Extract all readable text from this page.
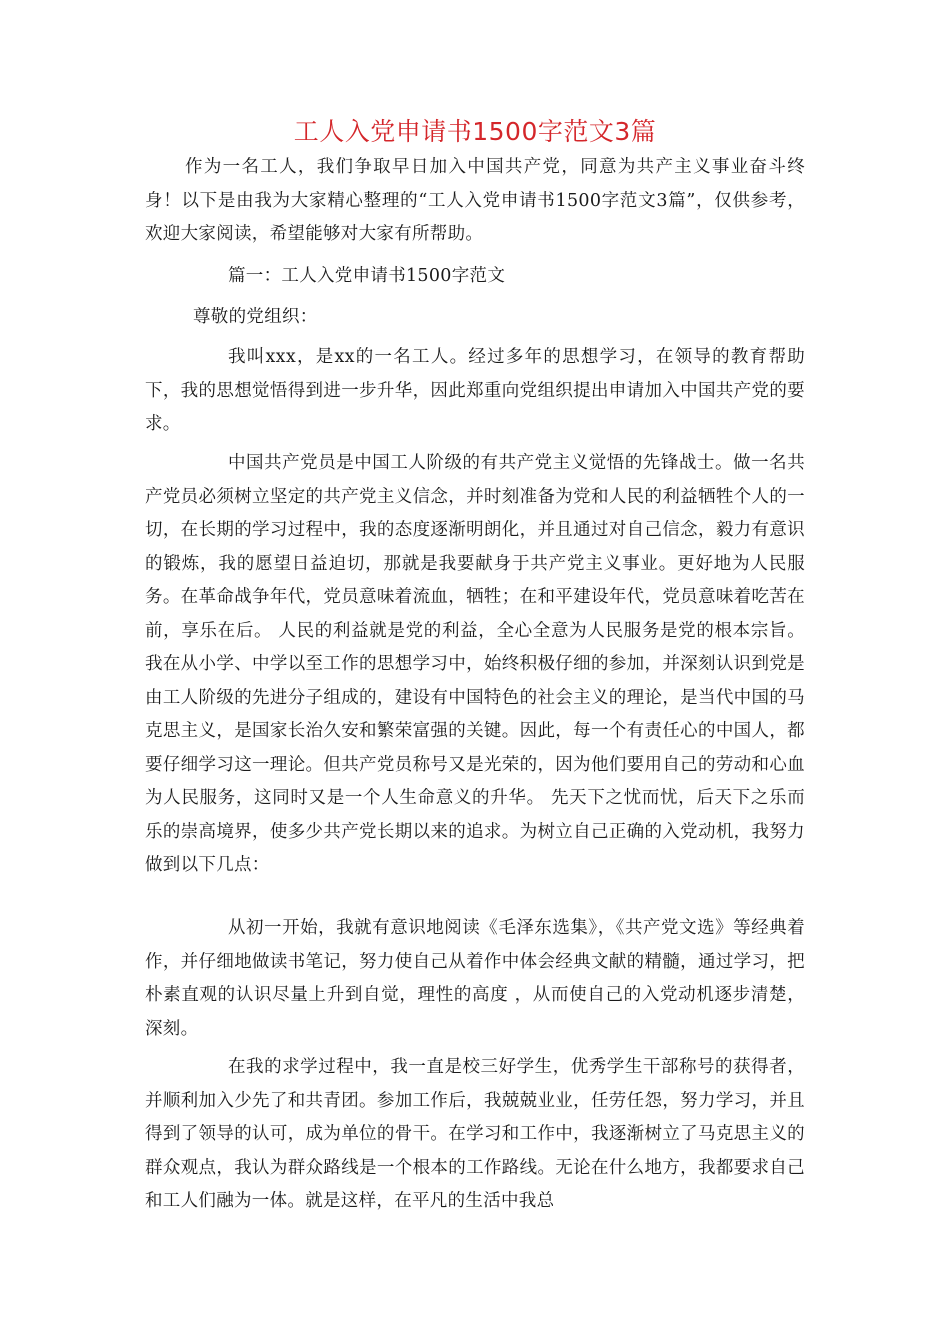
工人入党申请书1500字范文3篇

作为一名工人，我们争取早日加入中国共产党，同意为共产主义事业奋斗终身！以下是由我为大家精心整理的“工人入党申请书1500字范文3篇”，仅供参考，欢迎大家阅读，希望能够对大家有所帮助。

篇一：工人入党申请书1500字范文

尊敬的党组织：

我叫xxx，是xx的一名工人。经过多年的思想学习，在领导的教育帮助下，我的思想觉悟得到进一步升华，因此郑重向党组织提出申请加入中国共产党的要求。

中国共产党员是中国工人阶级的有共产党主义觉悟的先锋战士。做一名共产党员必须树立坚定的共产党主义信念，并时刻准备为党和人民的利益牺牲个人的一切，在长期的学习过程中，我的态度逐渐明朗化，并且通过对自己信念，毅力有意识的锻炼，我的愿望日益迫切，那就是我要献身于共产党主义事业。更好地为人民服务。在革命战争年代，党员意味着流血，牺牲；在和平建设年代，党员意味着吃苦在前，享乐在后。 人民的利益就是党的利益，全心全意为人民服务是党的根本宗旨。我在从小学、中学以至工作的思想学习中，始终积极仔细的参加，并深刻认识到党是由工人阶级的先进分子组成的，建设有中国特色的社会主义的理论，是当代中国的马克思主义，是国家长治久安和繁荣富强的关键。因此，每一个有责任心的中国人，都要仔细学习这一理论。但共产党员称号又是光荣的，因为他们要用自己的劳动和心血为人民服务，这同时又是一个人生命意义的升华。 先天下之忧而忧，后天下之乐而乐的崇高境界，使多少共产党长期以来的追求。为树立自己正确的入党动机，我努力做到以下几点：

从初一开始，我就有意识地阅读《毛泽东选集》，《共产党文选》等经典着作，并仔细地做读书笔记，努力使自己从着作中体会经典文献的精髓，通过学习，把朴素直观的认识尽量上升到自觉，理性的高度 ，从而使自己的入党动机逐步清楚，深刻。

在我的求学过程中，我一直是校三好学生，优秀学生干部称号的获得者，并顺利加入少先了和共青团。参加工作后，我兢兢业业，任劳任怨，努力学习，并且得到了领导的认可，成为单位的骨干。在学习和工作中，我逐渐树立了马克思主义的群众观点，我认为群众路线是一个根本的工作路线。无论在什么地方，我都要求自己和工人们融为一体。就是这样，在平凡的生活中我总
